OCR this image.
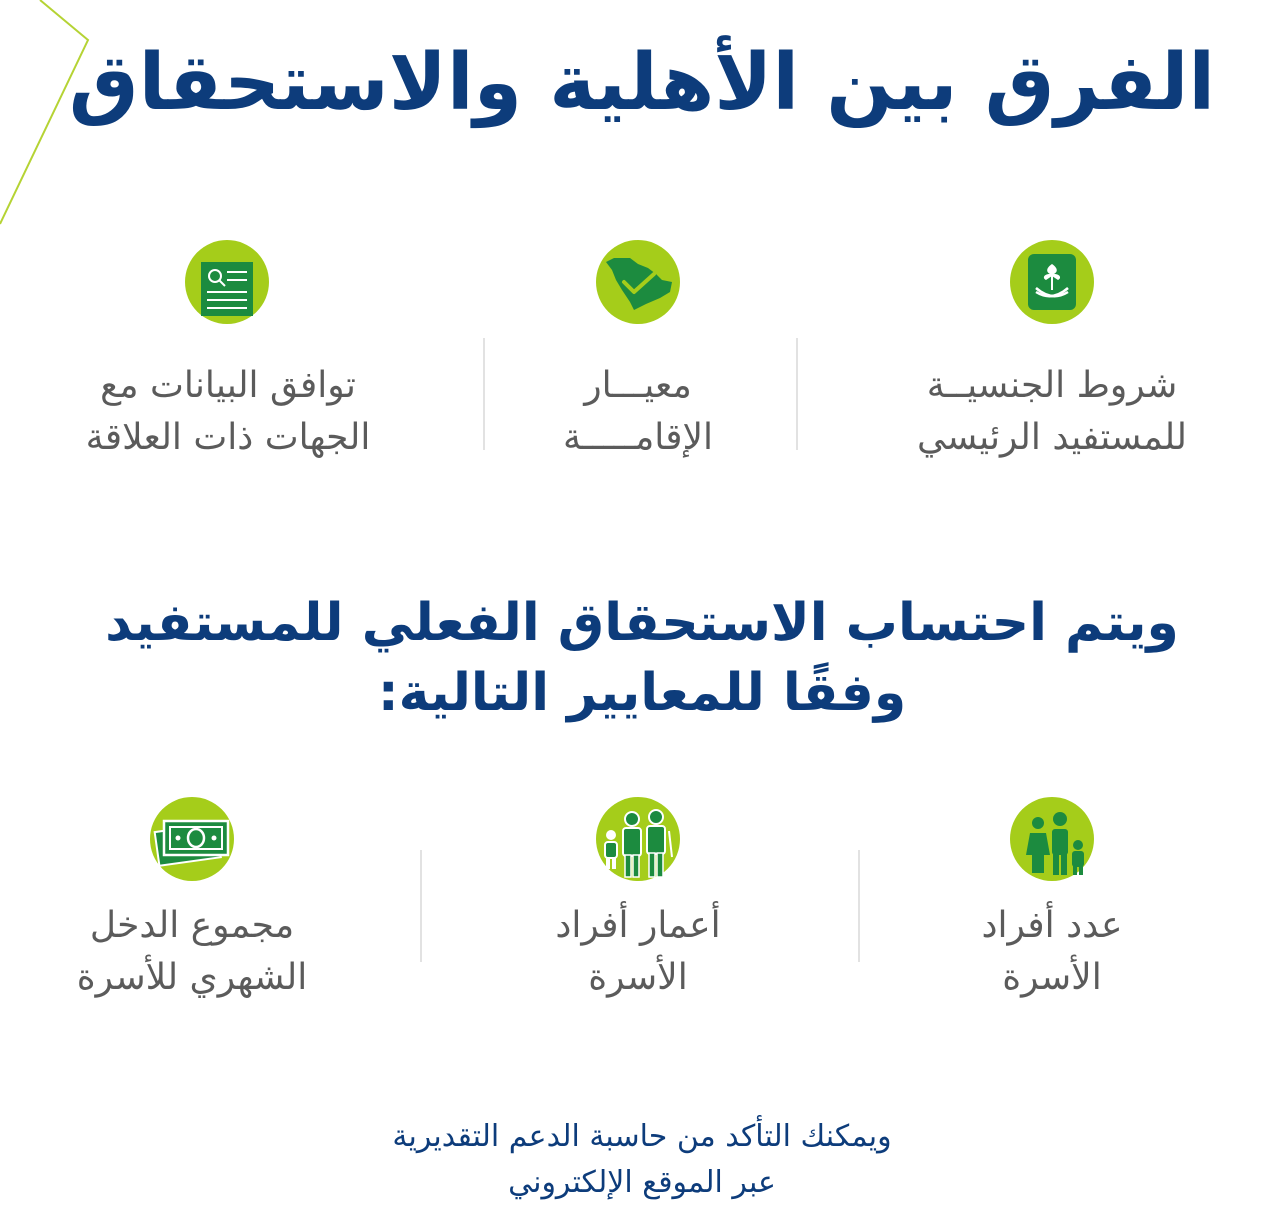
الفرق بين الأهلية والاستحقاق
شروط الجنسيــة
للمستفيد الرئيسي
معيـــار
الإقامـــــة
توافق البيانات مع
الجهات ذات العلاقة
ويتم احتساب الاستحقاق الفعلي للمستفيد
وفقًا للمعايير التالية:
عدد أفراد
الأسرة
أعمار أفراد
الأسرة
مجموع الدخل
الشهري للأسرة
ويمكنك التأكد من حاسبة الدعم التقديرية
عبر الموقع الإلكتروني
